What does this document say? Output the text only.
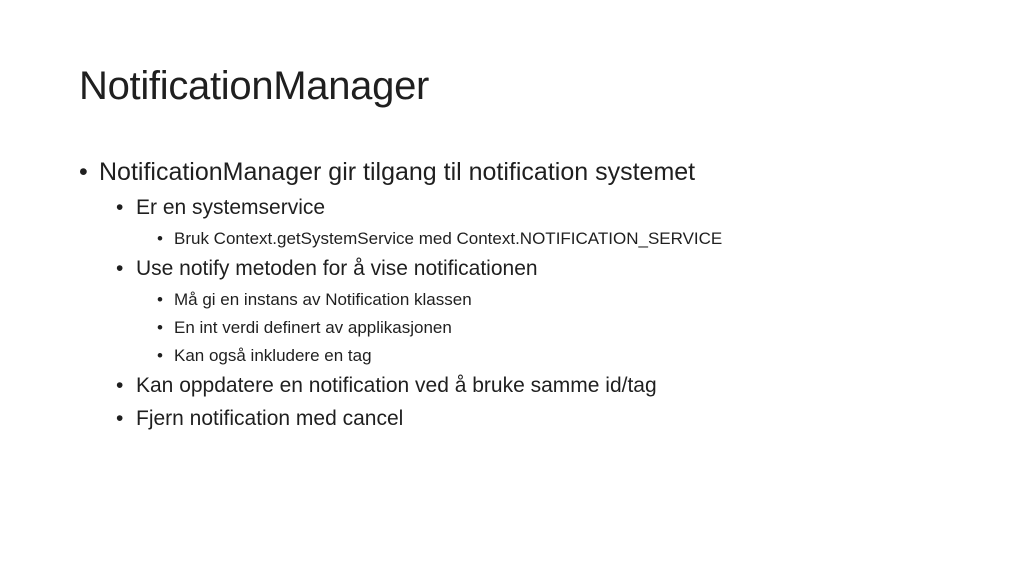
NotificationManager
• NotificationManager gir tilgang til notification systemet
• Er en systemservice
• Bruk Context.getSystemService med Context.NOTIFICATION_SERVICE
• Use notify metoden for å vise notificationen
• Må gi en instans av Notification klassen
• En int verdi definert av applikasjonen
• Kan også inkludere en tag
• Kan oppdatere en notification ved å bruke samme id/tag
• Fjern notification med cancel
